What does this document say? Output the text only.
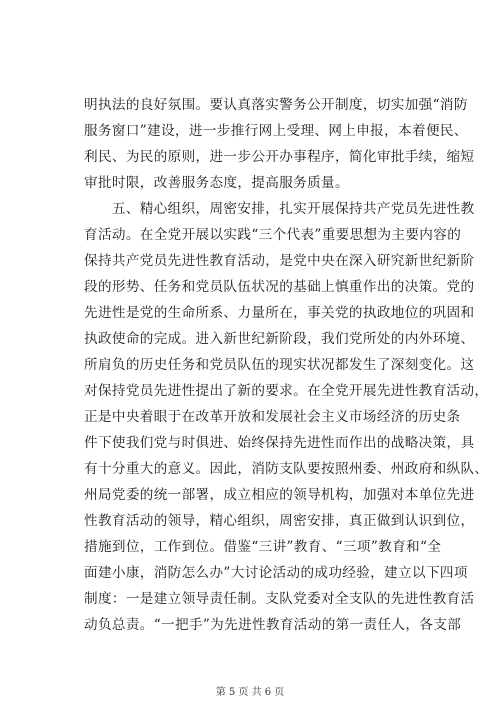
明执法的良好氛围。要认真落实警务公开制度，切实加强“消防
服务窗口”建设，进一步推行网上受理、网上申报，本着便民、
利民、为民的原则，进一步公开办事程序，简化审批手续，缩短
审批时限，改善服务态度，提高服务质量。
　　五、精心组织，周密安排，扎实开展保持共产党员先进性教
育活动。在全党开展以实践“三个代表”重要思想为主要内容的
保持共产党员先进性教育活动，是党中央在深入研究新世纪新阶
段的形势、任务和党员队伍状况的基础上慎重作出的决策。党的
先进性是党的生命所系、力量所在，事关党的执政地位的巩固和
执政使命的完成。进入新世纪新阶段，我们党所处的内外环境、
所肩负的历史任务和党员队伍的现实状况都发生了深刻变化。这
对保持党员先进性提出了新的要求。在全党开展先进性教育活动，
正是中央着眼于在改革开放和发展社会主义市场经济的历史条
件下使我们党与时俱进、始终保持先进性而作出的战略决策，具
有十分重大的意义。因此，消防支队要按照州委、州政府和纵队、
州局党委的统一部署，成立相应的领导机构，加强对本单位先进
性教育活动的领导，精心组织，周密安排，真正做到认识到位，
措施到位，工作到位。借鉴“三讲”教育、“三项”教育和“全
面建小康，消防怎么办”大讨论活动的成功经验，建立以下四项
制度：一是建立领导责任制。支队党委对全支队的先进性教育活
动负总责。“一把手”为先进性教育活动的第一责任人，各支部
第 5 页 共 6 页
